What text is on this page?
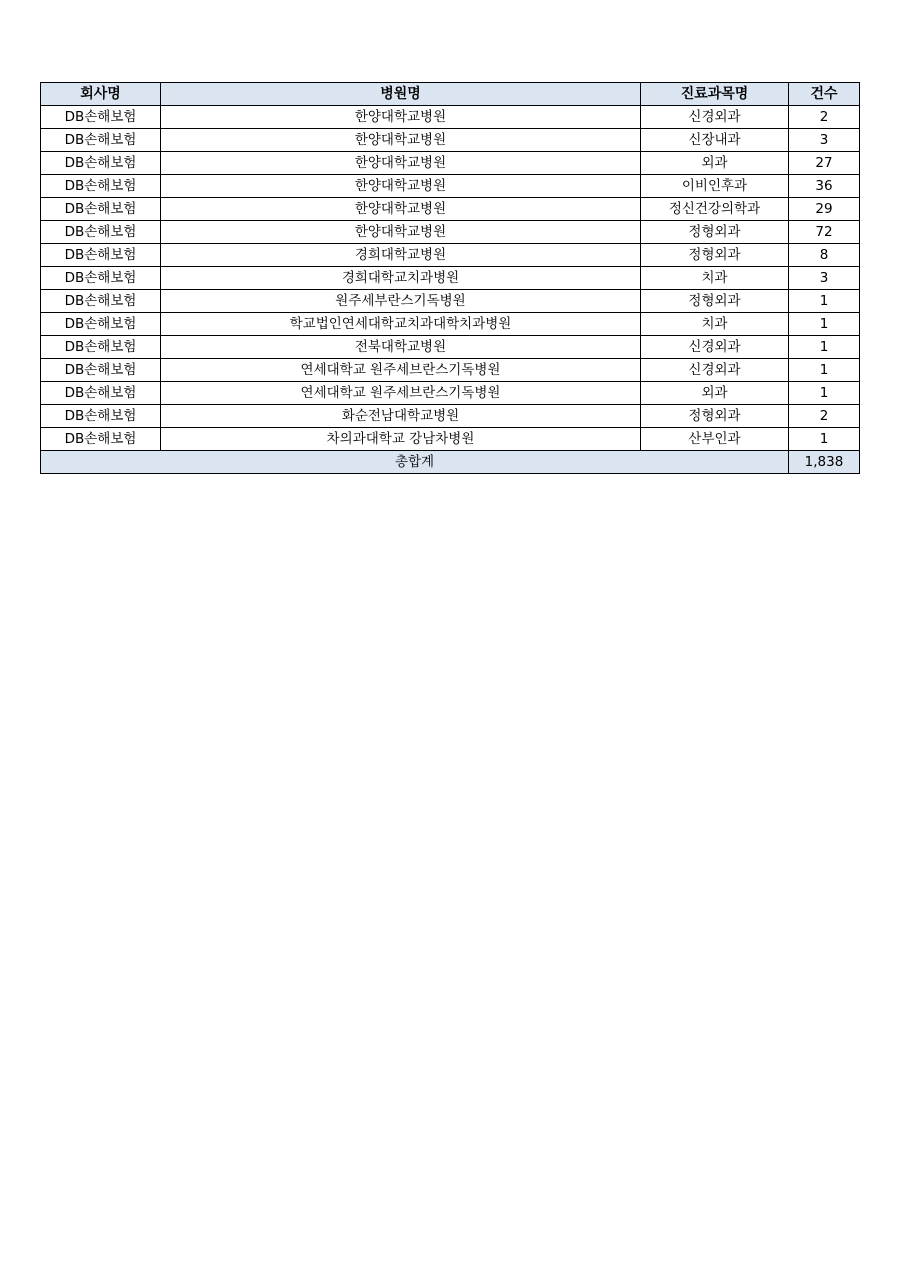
회사명	병원명	진료과목명	건수
DB손해보험	한양대학교병원	신경외과	2
DB손해보험	한양대학교병원	신장내과	3
DB손해보험	한양대학교병원	외과	27
DB손해보험	한양대학교병원	이비인후과	36
DB손해보험	한양대학교병원	정신건강의학과	29
DB손해보험	한양대학교병원	정형외과	72
DB손해보험	경희대학교병원	정형외과	8
DB손해보험	경희대학교치과병원	치과	3
DB손해보험	원주세부란스기독병원	정형외과	1
DB손해보험	학교법인연세대학교치과대학치과병원	치과	1
DB손해보험	전북대학교병원	신경외과	1
DB손해보험	연세대학교 원주세브란스기독병원	신경외과	1
DB손해보험	연세대학교 원주세브란스기독병원	외과	1
DB손해보험	화순전남대학교병원	정형외과	2
DB손해보험	차의과대학교 강남차병원	산부인과	1
총합계			1,838
